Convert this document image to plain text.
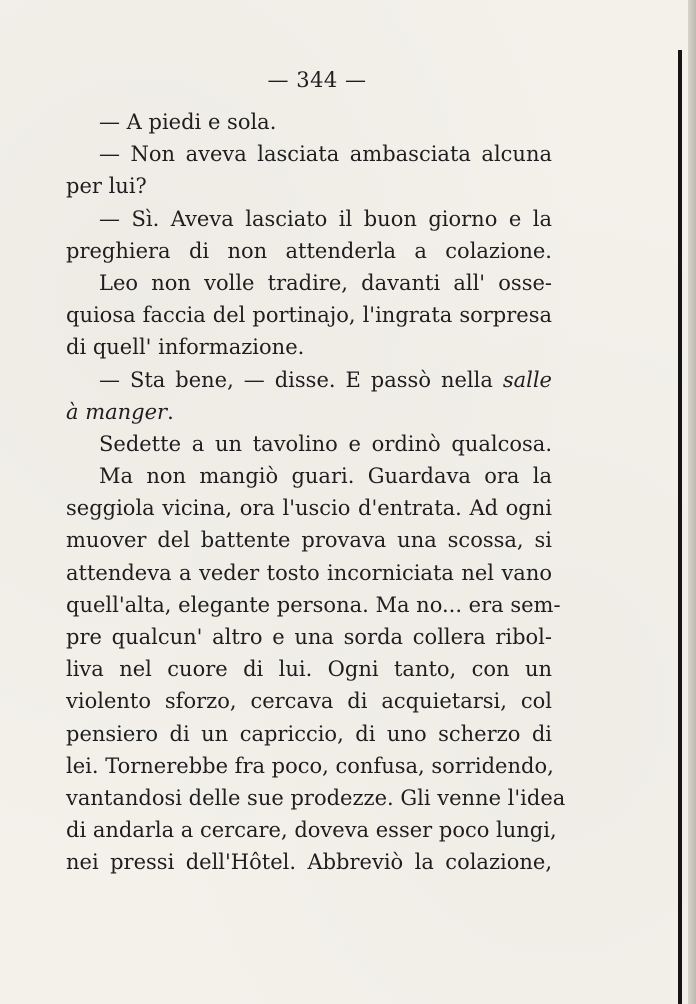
— 344 —
— A piedi e sola.
— Non aveva lasciata ambasciata alcuna
per lui?
— Sì. Aveva lasciato il buon giorno e la
preghiera di non attenderla a colazione.
Leo non volle tradire, davanti all' osse-
quiosa faccia del portinajo, l'ingrata sorpresa
di quell' informazione.
— Sta bene, — disse. E passò nella salle
à manger.
Sedette a un tavolino e ordinò qualcosa.
Ma non mangiò guari. Guardava ora la
seggiola vicina, ora l'uscio d'entrata. Ad ogni
muover del battente provava una scossa, si
attendeva a veder tosto incorniciata nel vano
quell'alta, elegante persona. Ma no... era sem-
pre qualcun' altro e una sorda collera ribol-
liva nel cuore di lui. Ogni tanto, con un
violento sforzo, cercava di acquietarsi, col
pensiero di un capriccio, di uno scherzo di
lei. Tornerebbe fra poco, confusa, sorridendo,
vantandosi delle sue prodezze. Gli venne l'idea
di andarla a cercare, doveva esser poco lungi,
nei pressi dell'Hôtel. Abbreviò la colazione,
